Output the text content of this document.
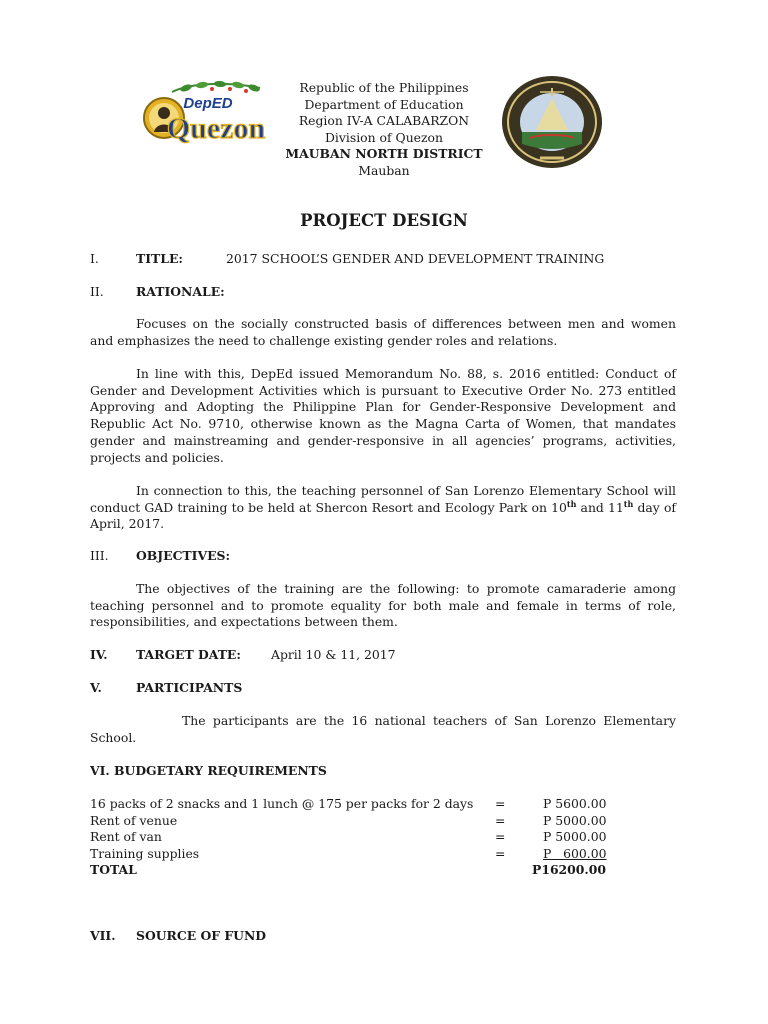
DepED
Quezon
Republic of the Philippines
Department of Education
Region IV-A CALABARZON
Division of Quezon
MAUBAN NORTH DISTRICT
Mauban
PROJECT DESIGN
I.	TITLE:	2017 SCHOOL’S GENDER AND DEVELOPMENT TRAINING
II.	RATIONALE:
Focuses on the socially constructed basis of differences between men and women and emphasizes the need to challenge existing gender roles and relations.
In line with this, DepEd issued Memorandum No. 88, s. 2016 entitled: Conduct of Gender and Development Activities which is pursuant to Executive Order No. 273 entitled Approving and Adopting the Philippine Plan for Gender-Responsive Development and Republic Act No. 9710, otherwise known as the Magna Carta of Women, that mandates gender and mainstreaming and gender-responsive in all agencies’ programs, activities, projects and policies.
In connection to this, the teaching personnel of San Lorenzo Elementary School will conduct GAD training to be held at Shercon Resort and Ecology Park on 10th and 11th day of April, 2017.
III. OBJECTIVES:
The objectives of the training are the following: to promote camaraderie among teaching personnel and to promote equality for both male and female in terms of role, responsibilities, and expectations between them.
IV. TARGET DATE: April 10 & 11, 2017
V.	PARTICIPANTS
The participants are the 16 national teachers of San Lorenzo Elementary School.
VI. BUDGETARY REQUIREMENTS
16 packs of 2 snacks and 1 lunch @ 175 per packs for 2 days =	P 5600.00
Rent of venue	=	P 5000.00
Rent of van	=	P 5000.00
Training supplies	=	P   600.00
TOTAL	P16200.00
VII. SOURCE OF FUND
